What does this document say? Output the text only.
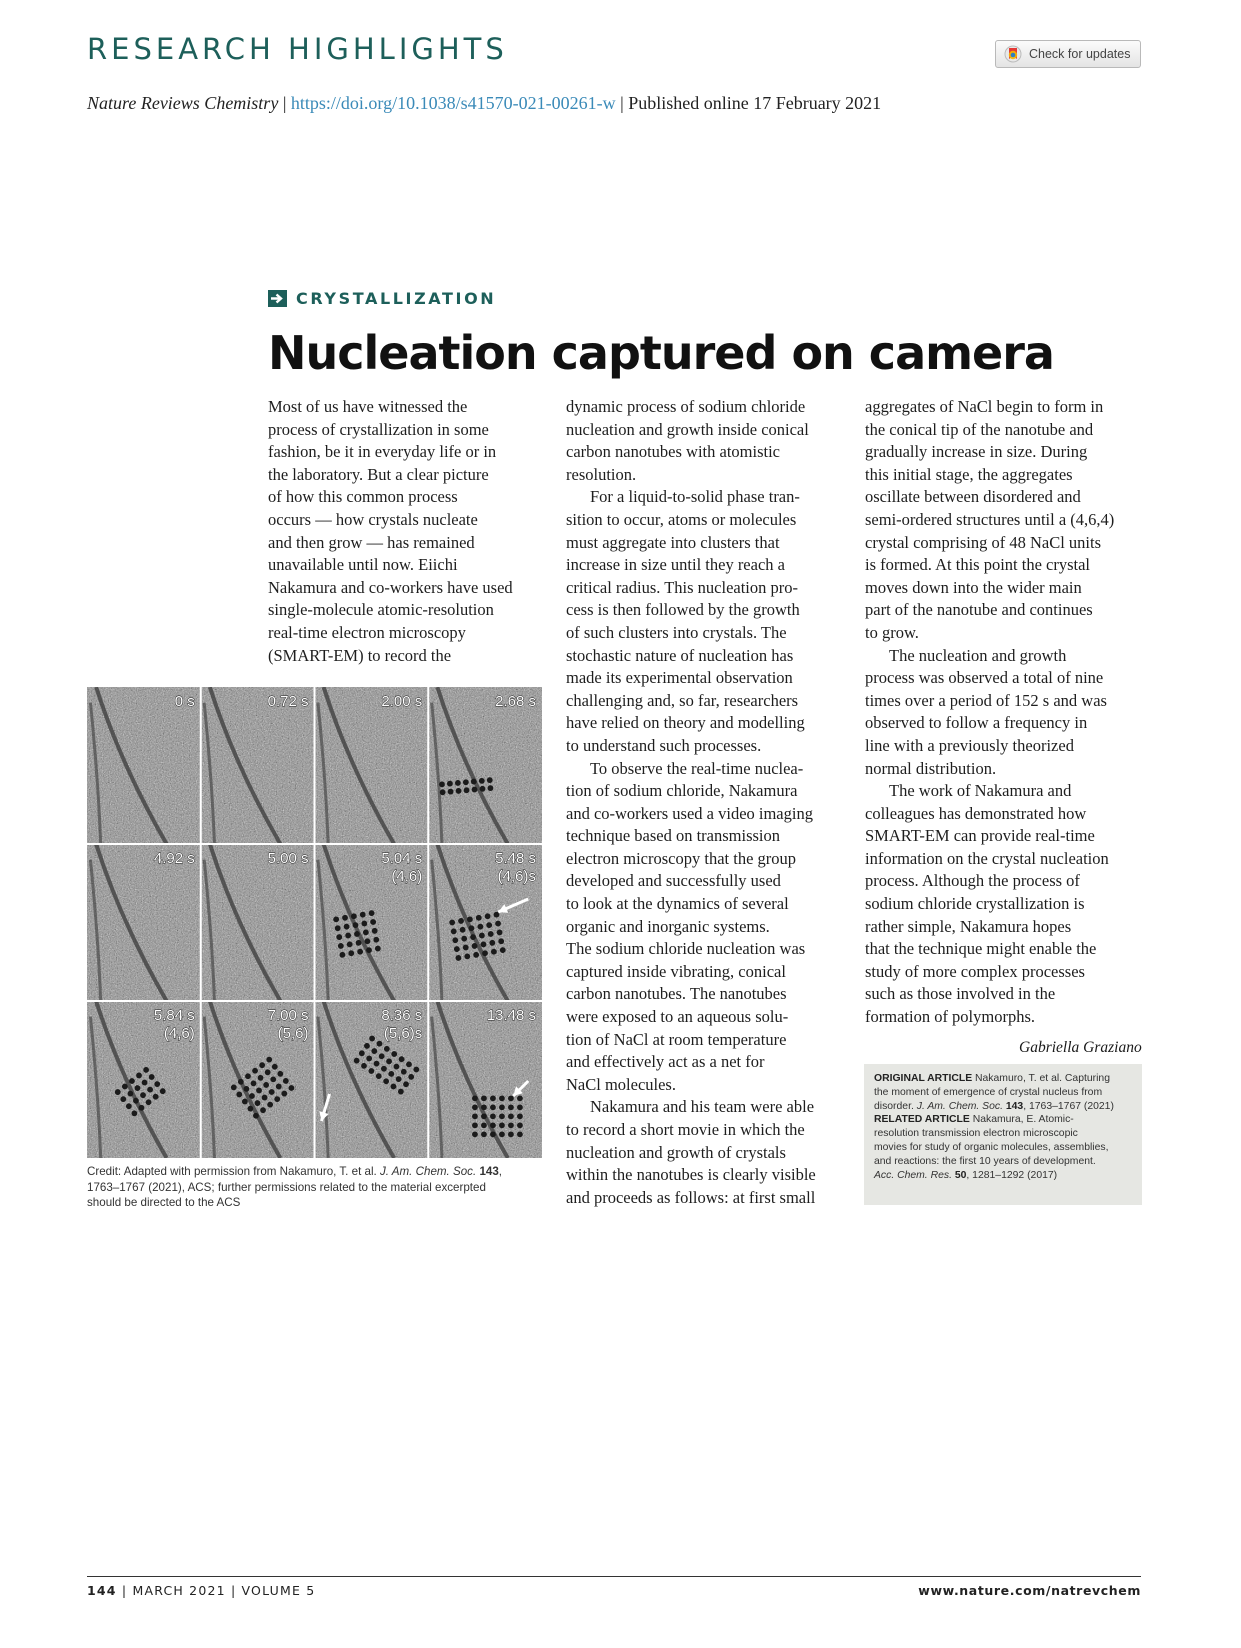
RESEARCH HIGHLIGHTS	Check for updates
Nature Reviews Chemistry | https://doi.org/10.1038/s41570-021-00261-w | Published online 17 February 2021
CRYSTALLIZATION
Nucleation captured on camera

Most of us have witnessed the

process of crystallization in some

fashion, be it in everyday life or in

the laboratory. But a clear picture

of how this common process

occurs — how crystals nucleate

and then grow — has remained

unavailable until now. Eiichi

Nakamura and co-workers have used

single-molecule atomic-resolution

real-time electron microscopy

(SMART-EM) to record the

dynamic process of sodium chloride

nucleation and growth inside conical

carbon nanotubes with atomistic

resolution.

For a liquid-to-solid phase tran-

sition to occur, atoms or molecules

must aggregate into clusters that

increase in size until they reach a

critical radius. This nucleation pro-

cess is then followed by the growth

of such clusters into crystals. The

stochastic nature of nucleation has

made its experimental observation

challenging and, so far, researchers

have relied on theory and modelling

to understand such processes.

To observe the real-time nuclea-

tion of sodium chloride, Nakamura

and co-workers used a video imaging

technique based on transmission

electron microscopy that the group

developed and successfully used

to look at the dynamics of several

organic and inorganic systems.

The sodium chloride nucleation was

captured inside vibrating, conical

carbon nanotubes. The nanotubes

were exposed to an aqueous solu-

tion of NaCl at room temperature

and effectively act as a net for

NaCl molecules.

Nakamura and his team were able

to record a short movie in which the

nucleation and growth of crystals

within the nanotubes is clearly visible

and proceeds as follows: at first small

aggregates of NaCl begin to form in

the conical tip of the nanotube and

gradually increase in size. During

this initial stage, the aggregates

oscillate between disordered and

semi-ordered structures until a (4,6,4)

crystal comprising of 48 NaCl units

is formed. At this point the crystal

moves down into the wider main

part of the nanotube and continues

to grow.

The nucleation and growth

process was observed a total of nine

times over a period of 152 s and was

observed to follow a frequency in

line with a previously theorized

normal distribution.

The work of Nakamura and

colleagues has demonstrated how

SMART-EM can provide real-time

information on the crystal nucleation

process. Although the process of

sodium chloride crystallization is

rather simple, Nakamura hopes

that the technique might enable the

study of more complex processes

such as those involved in the

formation of polymorphs.

Gabriella Graziano

ORIGINAL ARTICLE Nakamuro, T. et al. Capturing

the moment of emergence of crystal nucleus from

disorder. J. Am. Chem. Soc. 143, 1763–1767 (2021)

RELATED ARTICLE Nakamura, E. Atomic-

resolution transmission electron microscopic

movies for study of organic molecules, assemblies,

and reactions: the first 10 years of development.

Acc. Chem. Res. 50, 1281–1292 (2017)

0 s	0.72 s	2.00 s	2.68 s
4.92 s	5.00 s	5.04 s
(4,6)
5.48 s
(4,6)s
5.84 s
(4,6)
7.00 s
(5,6)
8.36 s
(5,6)s
13.48 s

Credit: Adapted with permission from Nakamuro, T. et al. J. Am. Chem. Soc. 143,

1763–1767 (2021), ACS; further permissions related to the material excerpted

should be directed to the ACS

144 | MARCH 2021 | VOLUME 5	www.nature.com/natrevchem
